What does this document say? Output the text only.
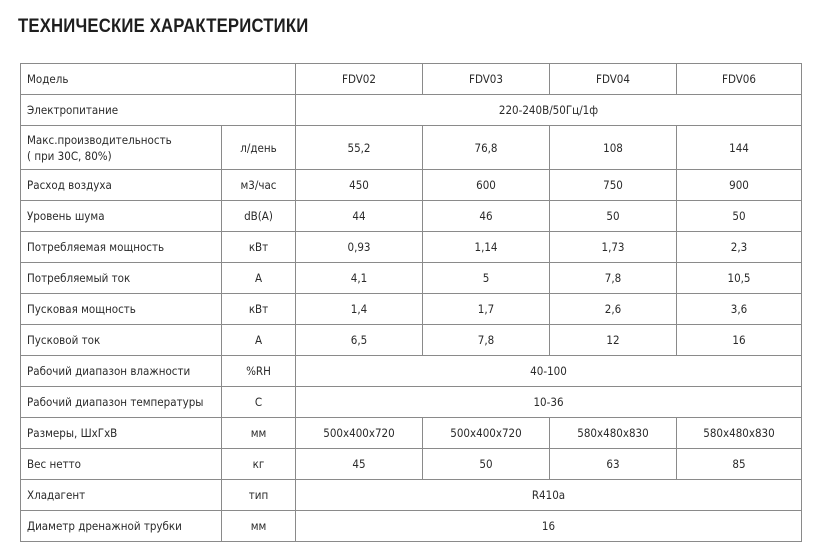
ТЕХНИЧЕСКИЕ ХАРАКТЕРИСТИКИ
Модель		FDV02	FDV03	FDV04	FDV06
Электропитание		220-240В/50Гц/1ф			

Макс.производительность
( при 30С, 80%)	л/день	55,2	76,8	108	144
Расход воздуха	м3/час	450	600	750	900
Уровень шума	dB(A)	44	46	50	50
Потребляемая мощность	кВт	0,93	1,14	1,73	2,3
Потребляемый ток	А	4,1	5	7,8	10,5
Пусковая мощность	кВт	1,4	1,7	2,6	3,6
Пусковой ток	А	6,5	7,8	12	16
Рабочий диапазон влажности	%RH	40-100			
Рабочий диапазон температуры	С	10-36			
Размеры, ШхГхВ	мм	500х400х720	500х400х720	580х480х830	580х480х830
Вес нетто	кг	45	50	63	85
Хладагент	тип	R410a			
Диаметр дренажной трубки	мм	16			
